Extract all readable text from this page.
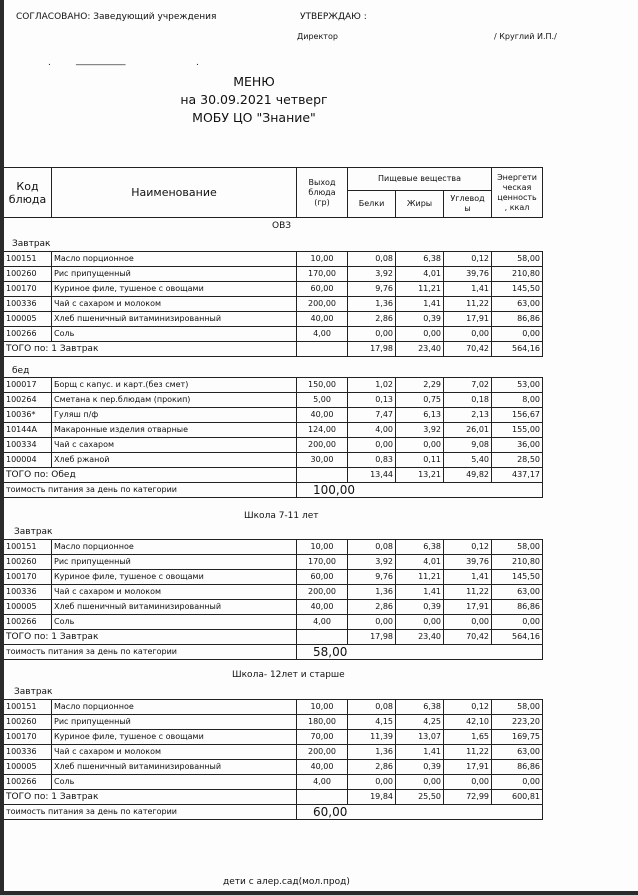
СОГЛАСОВАНО: Заведующий учреждения	УТВЕРЖДАЮ :
Директор	/ Круглий И.П./
.	___________	.
МЕНЮ
на 30.09.2021 четверг
МОБУ ЦО "Знание"
Код
блюда
	Наименование	
Выход
блюда
(гр)
	Пищевые вещества	Энергети
ческая
ценность
, ккал

			Белки	Жиры	Углевод
ы	
ОВЗ
Завтрак
100151	Масло порционное	10,00	0,08	6,38	0,12	58,00
100260	Рис припущенный	170,00	3,92	4,01	39,76	210,80
100170	Куриное филе, тушеное с овощами	60,00	9,76	11,21	1,41	145,50
100336	Чай с сахаром и молоком	200,00	1,36	1,41	11,22	63,00
100005	Хлеб пшеничный витаминизированный	40,00	2,86	0,39	17,91	86,86
100266	Соль	4,00	0,00	0,00	0,00	0,00
ТОГО по: 1 Завтрак			17,98	23,40	70,42	564,16
бед
100017	Борщ с капус. и карт.(без смет)	150,00	1,02	2,29	7,02	53,00
100264	Сметана к пер.блюдам (прокип)	5,00	0,13	0,75	0,18	8,00
10036*	Гуляш п/ф	40,00	7,47	6,13	2,13	156,67
10144А	Макаронные изделия отварные	124,00	4,00	3,92	26,01	155,00
100334	Чай с сахаром	200,00	0,00	0,00	9,08	36,00
100004	Хлеб ржаной	30,00	0,83	0,11	5,40	28,50
ТОГО по: Обед			13,44	13,21	49,82	437,17
тоимость питания за день по категории		100,00				
Школа 7-11 лет
Завтрак
100151	Масло порционное	10,00	0,08	6,38	0,12	58,00
100260	Рис припущенный	170,00	3,92	4,01	39,76	210,80
100170	Куриное филе, тушеное с овощами	60,00	9,76	11,21	1,41	145,50
100336	Чай с сахаром и молоком	200,00	1,36	1,41	11,22	63,00
100005	Хлеб пшеничный витаминизированный	40,00	2,86	0,39	17,91	86,86
100266	Соль	4,00	0,00	0,00	0,00	0,00
ТОГО по: 1 Завтрак			17,98	23,40	70,42	564,16
тоимость питания за день по категории		58,00				
Школа- 12лет и старше
Завтрак
100151	Масло порционное	10,00	0,08	6,38	0,12	58,00
100260	Рис припущенный	180,00	4,15	4,25	42,10	223,20
100170	Куриное филе, тушеное с овощами	70,00	11,39	13,07	1,65	169,75
100336	Чай с сахаром и молоком	200,00	1,36	1,41	11,22	63,00
100005	Хлеб пшеничный витаминизированный	40,00	2,86	0,39	17,91	86,86
100266	Соль	4,00	0,00	0,00	0,00	0,00
ТОГО по: 1 Завтрак			19,84	25,50	72,99	600,81
тоимость питания за день по категории		60,00				
дети с алер.сад(мол.прод)
